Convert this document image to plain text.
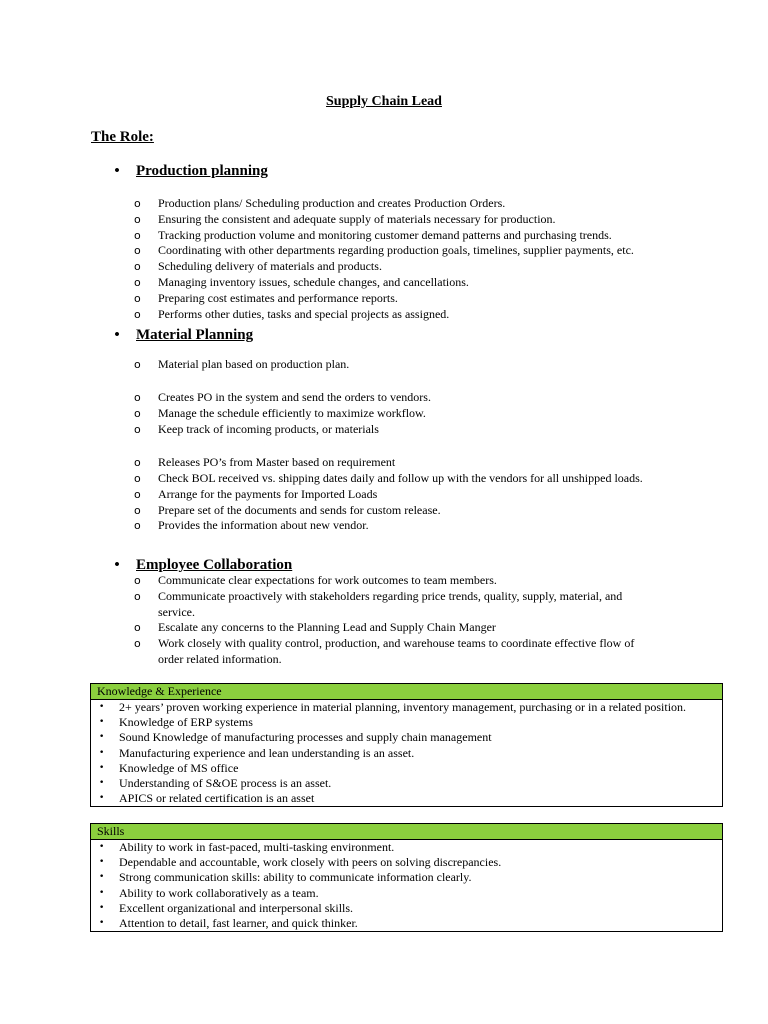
Supply Chain Lead
The Role:
• Production planning
o Production plans/ Scheduling production and creates Production Orders.
o Ensuring the consistent and adequate supply of materials necessary for production.
o Tracking production volume and monitoring customer demand patterns and purchasing trends.
o Coordinating with other departments regarding production goals, timelines, supplier payments, etc.
o Scheduling delivery of materials and products.
o Managing inventory issues, schedule changes, and cancellations.
o Preparing cost estimates and performance reports.
o Performs other duties, tasks and special projects as assigned.
• Material Planning
o Material plan based on production plan.
o Creates PO in the system and send the orders to vendors.
o Manage the schedule efficiently to maximize workflow.
o Keep track of incoming products, or materials
o Releases PO’s from Master based on requirement
o Check BOL received vs. shipping dates daily and follow up with the vendors for all unshipped loads.
o Arrange for the payments for Imported Loads
o Prepare set of the documents and sends for custom release.
o Provides the information about new vendor.
• Employee Collaboration
o Communicate clear expectations for work outcomes to team members.
o Communicate proactively with stakeholders regarding price trends, quality, supply, material, and service.
o Escalate any concerns to the Planning Lead and Supply Chain Manger
o Work closely with quality control, production, and warehouse teams to coordinate effective flow of order related information.
Knowledge & Experience
• 2+ years’ proven working experience in material planning, inventory management, purchasing or in a related position.
• Knowledge of ERP systems
• Sound Knowledge of manufacturing processes and supply chain management
• Manufacturing experience and lean understanding is an asset.
• Knowledge of MS office
• Understanding of S&OE process is an asset.
• APICS or related certification is an asset
Skills
• Ability to work in fast-paced, multi-tasking environment.
• Dependable and accountable, work closely with peers on solving discrepancies.
• Strong communication skills: ability to communicate information clearly.
• Ability to work collaboratively as a team.
• Excellent organizational and interpersonal skills.
• Attention to detail, fast learner, and quick thinker.
